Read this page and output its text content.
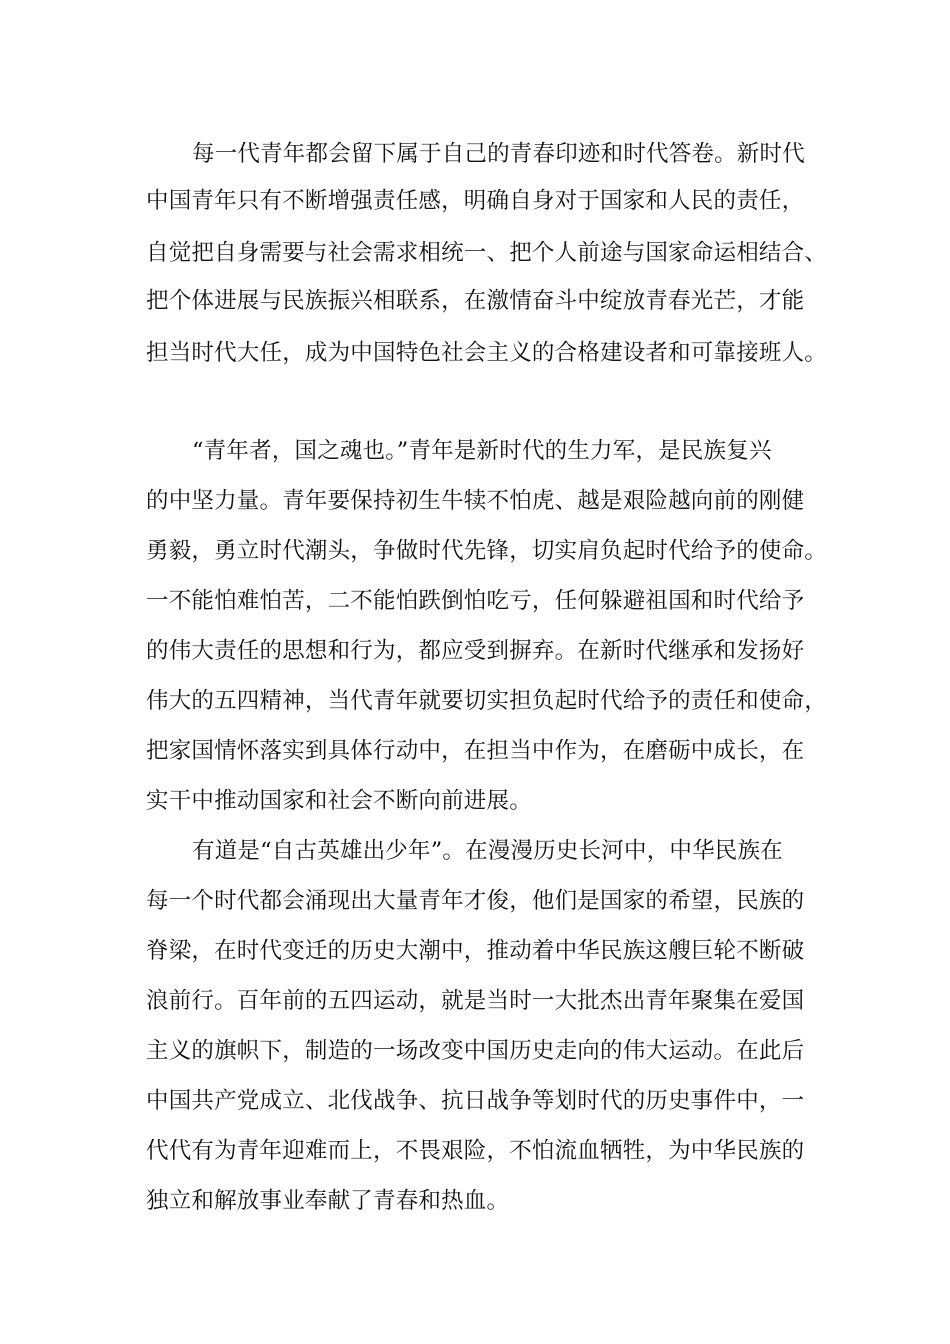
每一代青年都会留下属于自己的青春印迹和时代答卷。新时代
中国青年只有不断增强责任感，明确自身对于国家和人民的责任，
自觉把自身需要与社会需求相统一、把个人前途与国家命运相结合、
把个体进展与民族振兴相联系，在激情奋斗中绽放青春光芒，才能
担当时代大任，成为中国特色社会主义的合格建设者和可靠接班人。
“青年者，国之魂也。”青年是新时代的生力军，是民族复兴
的中坚力量。青年要保持初生牛犊不怕虎、越是艰险越向前的刚健
勇毅，勇立时代潮头，争做时代先锋，切实肩负起时代给予的使命。
一不能怕难怕苦，二不能怕跌倒怕吃亏，任何躲避祖国和时代给予
的伟大责任的思想和行为，都应受到摒弃。在新时代继承和发扬好
伟大的五四精神，当代青年就要切实担负起时代给予的责任和使命，
把家国情怀落实到具体行动中，在担当中作为，在磨砺中成长，在
实干中推动国家和社会不断向前进展。
有道是“自古英雄出少年”。在漫漫历史长河中，中华民族在
每一个时代都会涌现出大量青年才俊，他们是国家的希望，民族的
脊梁，在时代变迁的历史大潮中，推动着中华民族这艘巨轮不断破
浪前行。百年前的五四运动，就是当时一大批杰出青年聚集在爱国
主义的旗帜下，制造的一场改变中国历史走向的伟大运动。在此后
中国共产党成立、北伐战争、抗日战争等划时代的历史事件中，一
代代有为青年迎难而上，不畏艰险，不怕流血牺牲，为中华民族的
独立和解放事业奉献了青春和热血。
